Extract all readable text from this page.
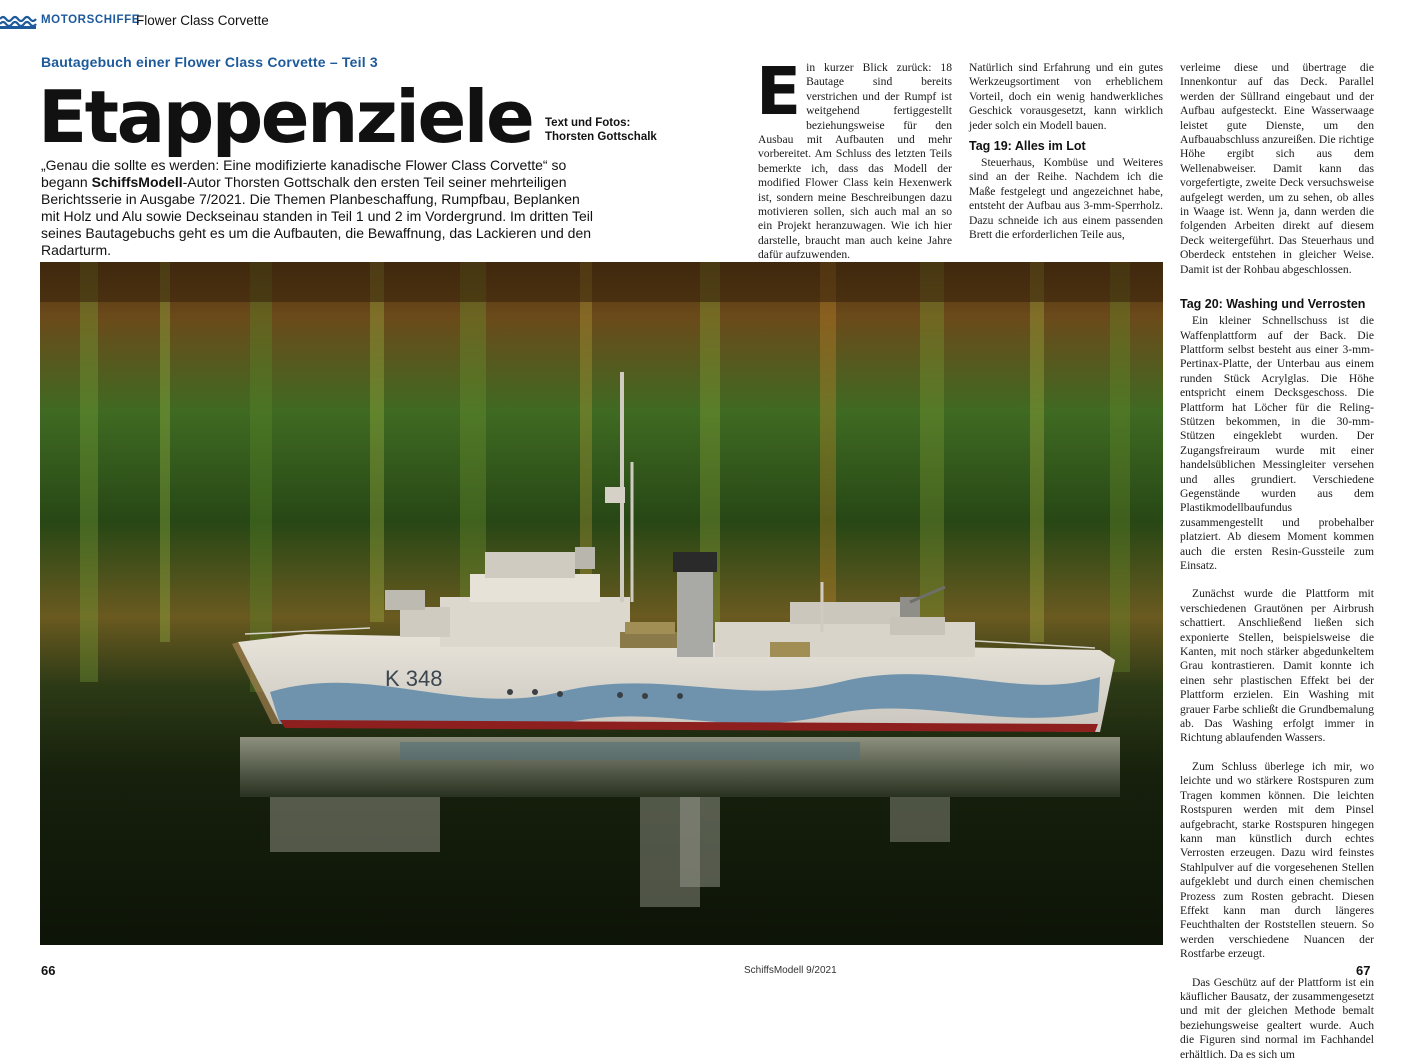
MOTORSCHIFFE
Flower Class Corvette
Bautagebuch einer Flower Class Corvette – Teil 3
Etappenziele Text und Fotos:
Thorsten Gottschalk
„Genau die sollte es werden: Eine modifizierte kanadische Flower Class Corvette“ so begann SchiffsModell-Autor Thorsten Gottschalk den ersten Teil seiner mehrteiligen Berichtsserie in Ausgabe 7/2021. Die Themen Planbeschaffung, Rumpfbau, Beplanken mit Holz und Alu sowie Deckseinau standen in Teil 1 und 2 im Vordergrund. Im dritten Teil seines Bautagebuchs geht es um die Aufbauten, die Bewaffnung, das Lackieren und den Radarturm.
E in kurzer Blick zurück: 18 Bautage sind bereits verstrichen und der Rumpf ist weitgehend fertiggestellt beziehungsweise für den Ausbau mit Aufbauten und mehr vorbereitet. Am Schluss des letzten Teils bemerkte ich, dass das Modell der modified Flower Class kein Hexenwerk ist, sondern meine Beschreibungen dazu motivieren sollen, sich auch mal an so ein Projekt heranzuwagen. Wie ich hier darstelle, braucht man auch keine Jahre dafür aufzuwenden.

Natürlich sind Erfahrung und ein gutes Werkzeugsortiment von erheblichem Vorteil, doch ein wenig handwerkliches Geschick vorausgesetzt, kann wirklich jeder solch ein Modell bauen.

Tag 19: Alles im Lot

Steuerhaus, Kombüse und Weiteres sind an der Reihe. Nachdem ich die Maße festgelegt und angezeichnet habe, entsteht der Aufbau aus 3-mm-Sperrholz. Dazu schneide ich aus einem passenden Brett die erforderlichen Teile aus,

verleime diese und übertrage die Innenkontur auf das Deck. Parallel werden der Süllrand eingebaut und der Aufbau aufgesteckt. Eine Wasserwaage leistet gute Dienste, um den Aufbauabschluss anzureißen. Die richtige Höhe ergibt sich aus dem Wellenabweiser. Damit kann das vorgefertigte, zweite Deck versuchsweise aufgelegt werden, um zu sehen, ob alles in Waage ist. Wenn ja, dann werden die folgenden Arbeiten direkt auf diesem Deck weitergeführt. Das Steuerhaus und Oberdeck entstehen in gleicher Weise. Damit ist der Rohbau abgeschlossen.

Tag 20: Washing und Verrosten

Ein kleiner Schnellschuss ist die Waffenplattform auf der Back. Die Plattform selbst besteht aus einer 3-mm-Pertinax-Platte, der Unterbau aus einem runden Stück Acrylglas. Die Höhe entspricht einem Decksgeschoss. Die Plattform hat Löcher für die Reling-Stützen bekommen, in die 30-mm-Stützen eingeklebt wurden. Der Zugangsfreiraum wurde mit einer handelsüblichen Messingleiter versehen und alles grundiert. Verschiedene Gegenstände wurden aus dem Plastikmodellbaufundus zusammengestellt und probehalber platziert. Ab diesem Moment kommen auch die ersten Resin-Gussteile zum Einsatz.

Zunächst wurde die Plattform mit verschiedenen Grautönen per Airbrush schattiert. Anschließend ließen sich exponierte Stellen, beispielsweise die Kanten, mit noch stärker abgedunkeltem Grau kontrastieren. Damit konnte ich einen sehr plastischen Effekt bei der Plattform erzielen. Ein Washing mit grauer Farbe schließt die Grundbemalung ab. Das Washing erfolgt immer in Richtung ablaufenden Wassers.

Zum Schluss überlege ich mir, wo leichte und wo stärkere Rostspuren zum Tragen kommen können. Die leichten Rostspuren werden mit dem Pinsel aufgebracht, starke Rostspuren hingegen kann man künstlich durch echtes Verrosten erzeugen. Dazu wird feinstes Stahlpulver auf die vorgesehenen Stellen aufgeklebt und durch einen chemischen Prozess zum Rosten gebracht. Diesen Effekt kann man durch längeres Feuchthalten der Roststellen steuern. So werden verschiedene Nuancen der Rostfarbe erzeugt.

Das Geschütz auf der Plattform ist ein käuflicher Bausatz, der zusammengesetzt und mit der gleichen Methode bemalt beziehungsweise gealtert wurde. Auch die Figuren sind normal im Fachhandel erhältlich. Da es sich um

K 348
66	SchiffsModell 9/2021	67
